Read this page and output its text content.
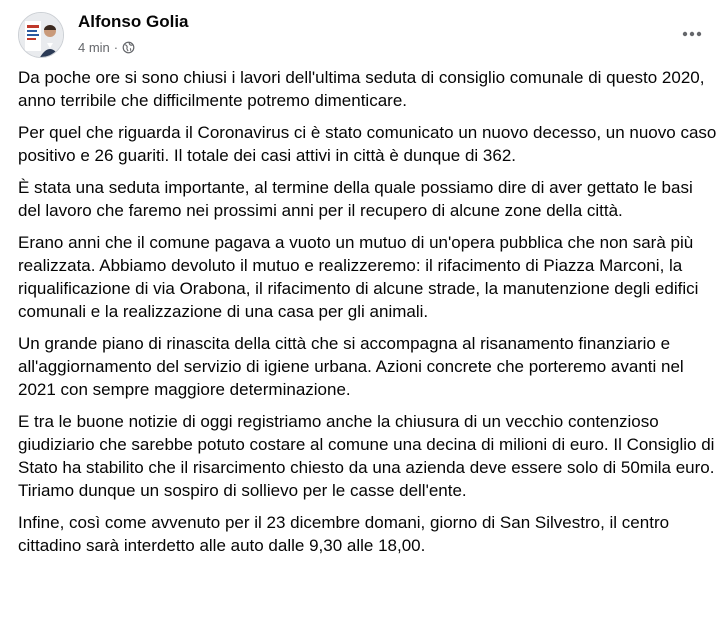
Alfonso Golia
4 min ·

Da poche ore si sono chiusi i lavori dell'ultima seduta di consiglio comunale di questo 2020, anno terribile che difficilmente potremo dimenticare.

Per quel che riguarda il Coronavirus ci è stato comunicato un nuovo decesso, un nuovo caso positivo e 26 guariti. Il totale dei casi attivi in città è dunque di 362.

È stata una seduta importante, al termine della quale possiamo dire di aver gettato le basi del lavoro che faremo nei prossimi anni per il recupero di alcune zone della città.

Erano anni che il comune pagava a vuoto un mutuo di un'opera pubblica che non sarà più realizzata. Abbiamo devoluto il mutuo e realizzeremo: il rifacimento di Piazza Marconi, la riqualificazione di via Orabona, il rifacimento di alcune strade, la manutenzione degli edifici comunali e la realizzazione di una casa per gli animali.

Un grande piano di rinascita della città che si accompagna al risanamento finanziario e all'aggiornamento del servizio di igiene urbana. Azioni concrete che porteremo avanti nel 2021 con sempre maggiore determinazione.

E tra le buone notizie di oggi registriamo anche la chiusura di un vecchio contenzioso giudiziario che sarebbe potuto costare al comune una decina di milioni di euro. Il Consiglio di Stato ha stabilito che il risarcimento chiesto da una azienda deve essere solo di 50mila euro. Tiriamo dunque un sospiro di sollievo per le casse dell'ente.

Infine, così come avvenuto per il 23 dicembre domani, giorno di San Silvestro, il centro cittadino sarà interdetto alle auto dalle 9,30 alle 18,00.
